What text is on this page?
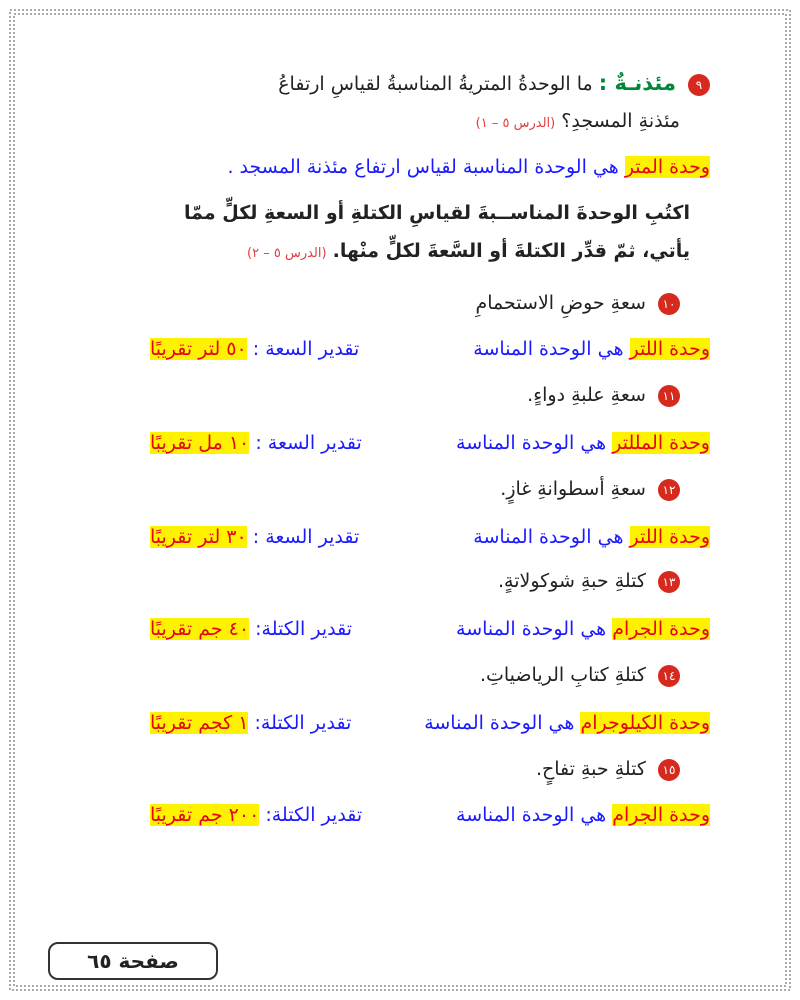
٩ مئذنـةٌ : ما الوحدةُ المتريةُ المناسبةُ لقياسِ ارتفاعُ
مئذنةِ المسجدِ؟ (الدرس ٥ – ١)
وحدة المتر هي الوحدة المناسبة لقياس ارتفاع مئذنة المسجد .
اكتُبِ الوحدةَ المناســبةَ لقياسِ الكتلةِ أو السعةِ لكلٍّ ممّا
يأتي، ثمّ قدِّر الكتلةَ أو السَّعةَ لكلٍّ منْها. (الدرس ٥ – ٢)
١٠ سعةِ حوضِ الاستحمامِ
وحدة اللتر هي الوحدة المناسة
تقدير السعة : ٥٠ لتر تقريبًا
١١ سعةِ علبةِ دواءٍ.
وحدة المللتر هي الوحدة المناسة
تقدير السعة : ١٠ مل تقريبًا
١٢ سعةِ أسطوانةِ غازٍ.
وحدة اللتر هي الوحدة المناسة
تقدير السعة : ٣٠ لتر تقريبًا
١٣ كتلةِ حبةِ شوكولاتةٍ.
وحدة الجرام هي الوحدة المناسة
تقدير الكتلة: ٤٠ جم تقريبًا
١٤ كتلةِ كتابِ الرياضياتِ.
وحدة الكيلوجرام هي الوحدة المناسة
تقدير الكتلة: ١ كجم تقريبًا
١٥ كتلةِ حبةِ تفاحٍ.
وحدة الجرام هي الوحدة المناسة
تقدير الكتلة: ٢٠٠ جم تقريبًا
صفحة ٦٥
